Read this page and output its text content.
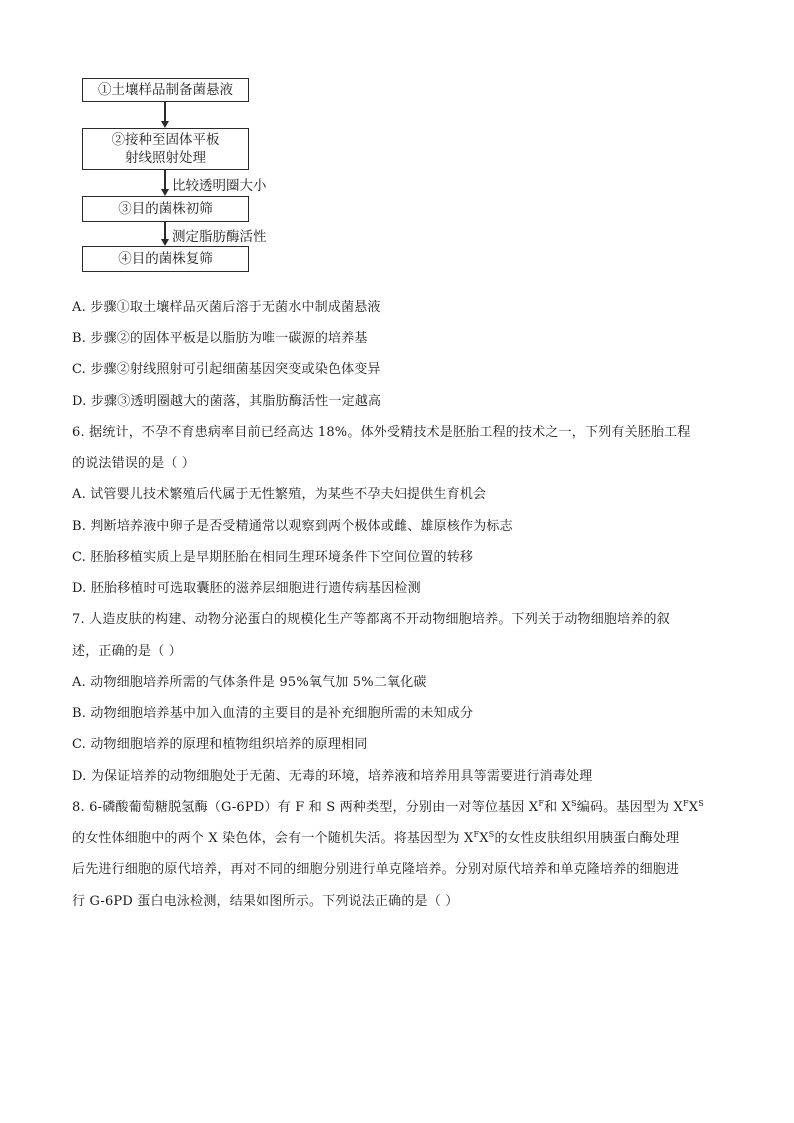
①土壤样品制备菌悬液
②接种至固体平板
射线照射处理
比较透明圈大小
③目的菌株初筛
测定脂肪酶活性
④目的菌株复筛
A. 步骤①取土壤样品灭菌后溶于无菌水中制成菌悬液
B. 步骤②的固体平板是以脂肪为唯一碳源的培养基
C. 步骤②射线照射可引起细菌基因突变或染色体变异
D. 步骤③透明圈越大的菌落，其脂肪酶活性一定越高
6. 据统计，不孕不育患病率目前已经高达 18%。体外受精技术是胚胎工程的技术之一，下列有关胚胎工程
的说法错误的是（ ）
A. 试管婴儿技术繁殖后代属于无性繁殖，为某些不孕夫妇提供生育机会
B. 判断培养液中卵子是否受精通常以观察到两个极体或雌、雄原核作为标志
C. 胚胎移植实质上是早期胚胎在相同生理环境条件下空间位置的转移
D. 胚胎移植时可选取囊胚的滋养层细胞进行遗传病基因检测
7. 人造皮肤的构建、动物分泌蛋白的规模化生产等都离不开动物细胞培养。下列关于动物细胞培养的叙
述，正确的是（ ）
A. 动物细胞培养所需的气体条件是 95%氧气加 5%二氧化碳
B. 动物细胞培养基中加入血清的主要目的是补充细胞所需的未知成分
C. 动物细胞培养的原理和植物组织培养的原理相同
D. 为保证培养的动物细胞处于无菌、无毒的环境，培养液和培养用具等需要进行消毒处理
8. 6-磷酸葡萄糖脱氢酶（G-6PD）有 F 和 S 两种类型，分别由一对等位基因 $X^F$和 $X^S$编码。基因型为 $X^FX^S$
的女性体细胞中的两个 X 染色体，会有一个随机失活。将基因型为 $X^FX^S$的女性皮肤组织用胰蛋白酶处理
后先进行细胞的原代培养，再对不同的细胞分别进行单克隆培养。分别对原代培养和单克隆培养的细胞进
行 G-6PD 蛋白电泳检测，结果如图所示。下列说法正确的是（ ）
